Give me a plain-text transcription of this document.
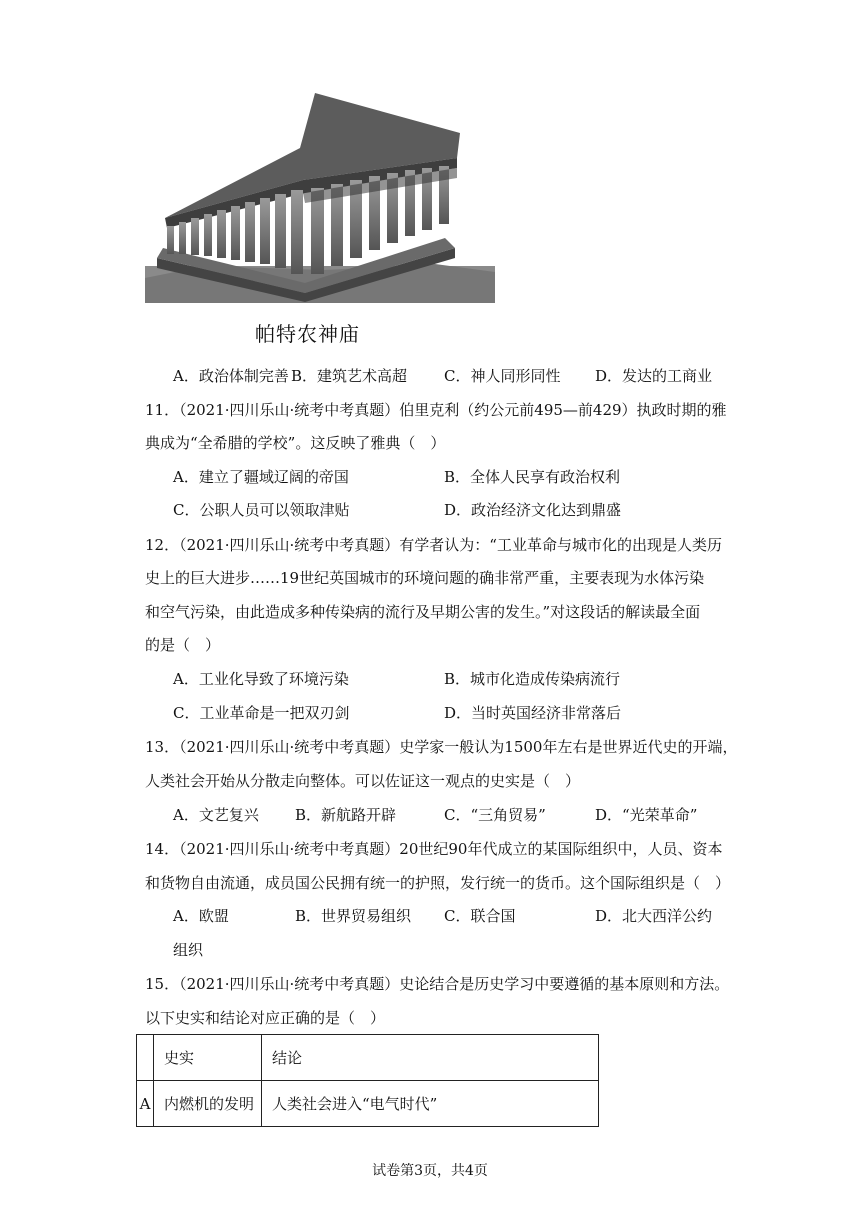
帕特农神庙
A．政治体制完善 B．建筑艺术高超 C．神人同形同性 D．发达的工商业
11．（2021·四川乐山·统考中考真题）伯里克利（约公元前495—前429）执政时期的雅
典成为“全希腊的学校”。这反映了雅典（　）
A．建立了疆域辽阔的帝国	B．全体人民享有政治权利
C．公职人员可以领取津贴	D．政治经济文化达到鼎盛
12．（2021·四川乐山·统考中考真题）有学者认为：“工业革命与城市化的出现是人类历
史上的巨大进步……19世纪英国城市的环境问题的确非常严重，主要表现为水体污染
和空气污染，由此造成多种传染病的流行及早期公害的发生。”对这段话的解读最全面
的是（　）
A．工业化导致了环境污染	B．城市化造成传染病流行
C．工业革命是一把双刃剑	D．当时英国经济非常落后
13．（2021·四川乐山·统考中考真题）史学家一般认为1500年左右是世界近代史的开端，
人类社会开始从分散走向整体。可以佐证这一观点的史实是（　）
A．文艺复兴 B．新航路开辟	C．“三角贸易”	D．“光荣革命”
14．（2021·四川乐山·统考中考真题）20世纪90年代成立的某国际组织中，人员、资本
和货物自由流通，成员国公民拥有统一的护照，发行统一的货币。这个国际组织是（　）
A．欧盟	B．世界贸易组织 C．联合国	D．北大西洋公约
组织
15．（2021·四川乐山·统考中考真题）史论结合是历史学习中要遵循的基本原则和方法。
以下史实和结论对应正确的是（　）
	史实	结论
A	内燃机的发明	人类社会进入“电气时代”
试卷第3页，共4页
